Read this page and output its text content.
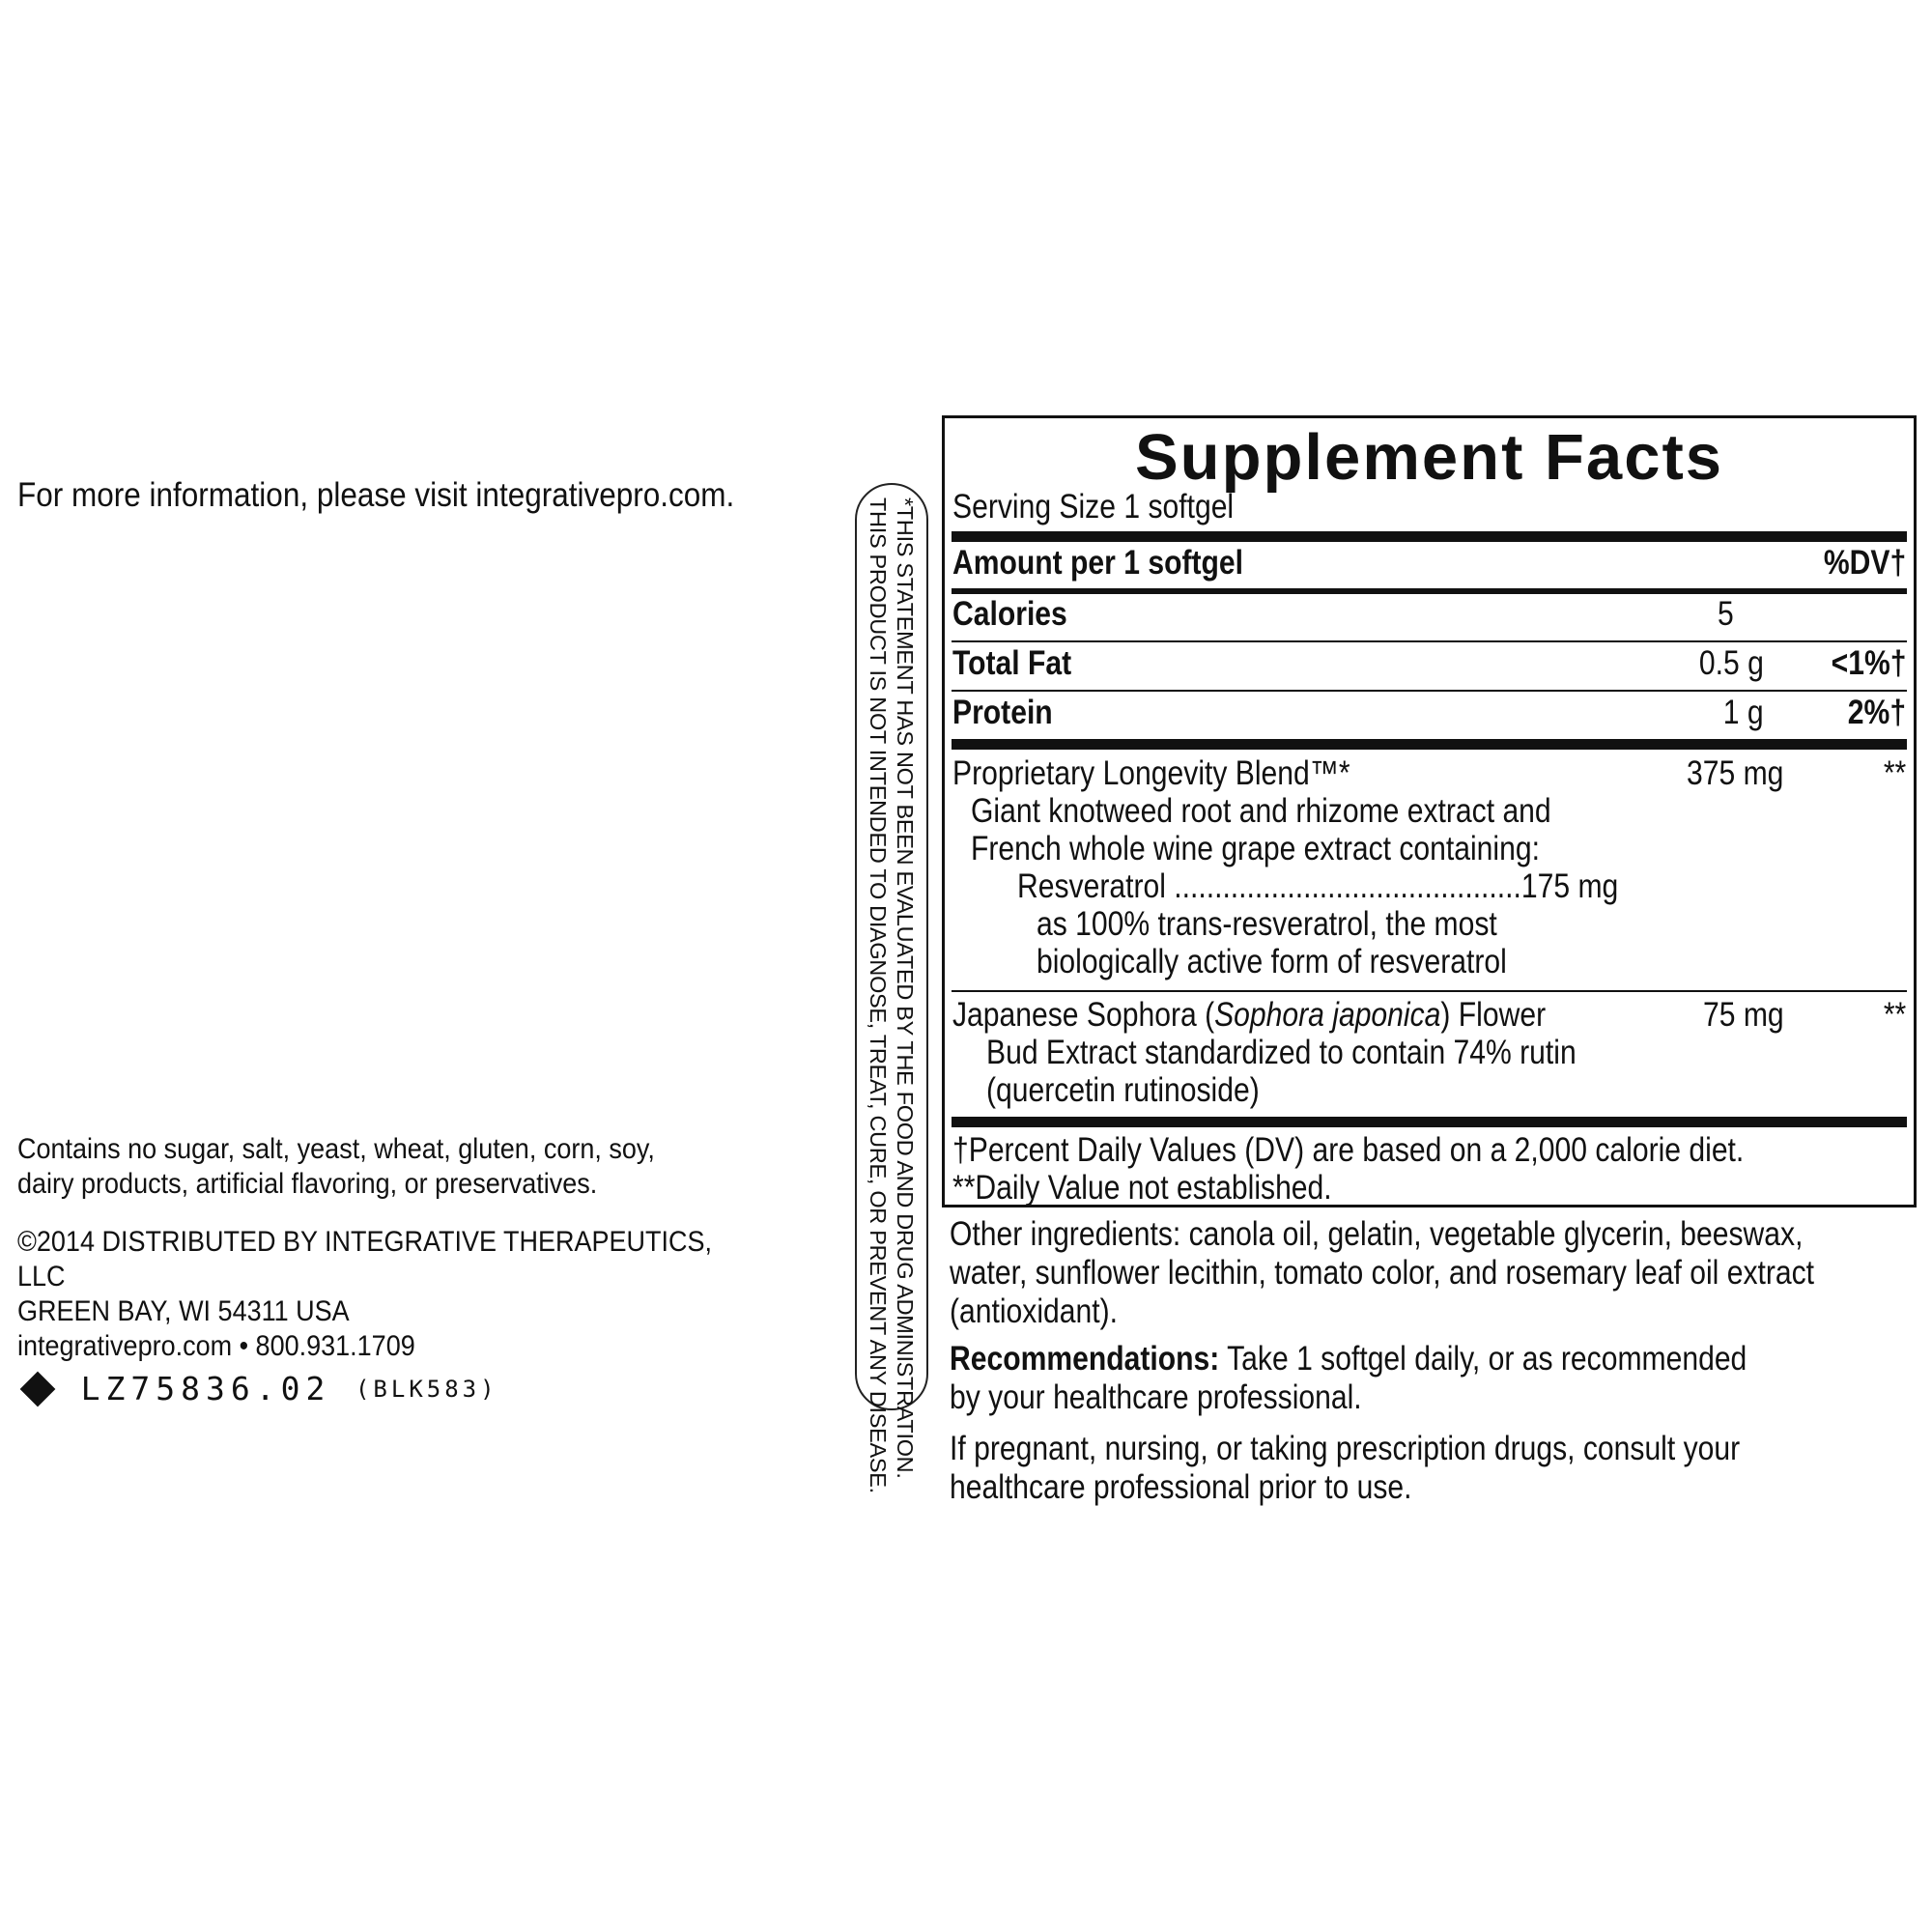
For more information, please visit integrativepro.com.
Contains no sugar, salt, yeast, wheat, gluten, corn, soy,
dairy products, artificial flavoring, or preservatives.
©2014 DISTRIBUTED BY INTEGRATIVE THERAPEUTICS, LLC
GREEN BAY, WI 54311 USA
integrativepro.com • 800.931.1709
LZ75836.02 (BLK583)	*THIS STATEMENT HAS NOT BEEN EVALUATED BY THE FOOD AND DRUG ADMINISTRATION.
THIS PRODUCT IS NOT INTENDED TO DIAGNOSE, TREAT, CURE, OR PREVENT ANY DISEASE.
Supplement Facts
Serving Size 1 softgel
Amount per 1 softgel	%DV†
Calories	5
Total Fat	0.5 g <1%†
Protein	1 g 2%†
Proprietary Longevity Blend™*	375 mg	**
Giant knotweed root and rhizome extract and
French whole wine grape extract containing:
Resveratrol ...........................................175 mg
as 100% trans-resveratrol, the most
biologically active form of resveratrol
Japanese Sophora (Sophora japonica) Flower	75 mg	**
Bud Extract standardized to contain 74% rutin
(quercetin rutinoside)
†Percent Daily Values (DV) are based on a 2,000 calorie diet.
**Daily Value not established.
Other ingredients: canola oil, gelatin, vegetable glycerin, beeswax,
water, sunflower lecithin, tomato color, and rosemary leaf oil extract
(antioxidant).
Recommendations: Take 1 softgel daily, or as recommended
by your healthcare professional.
If pregnant, nursing, or taking prescription drugs, consult your
healthcare professional prior to use.
